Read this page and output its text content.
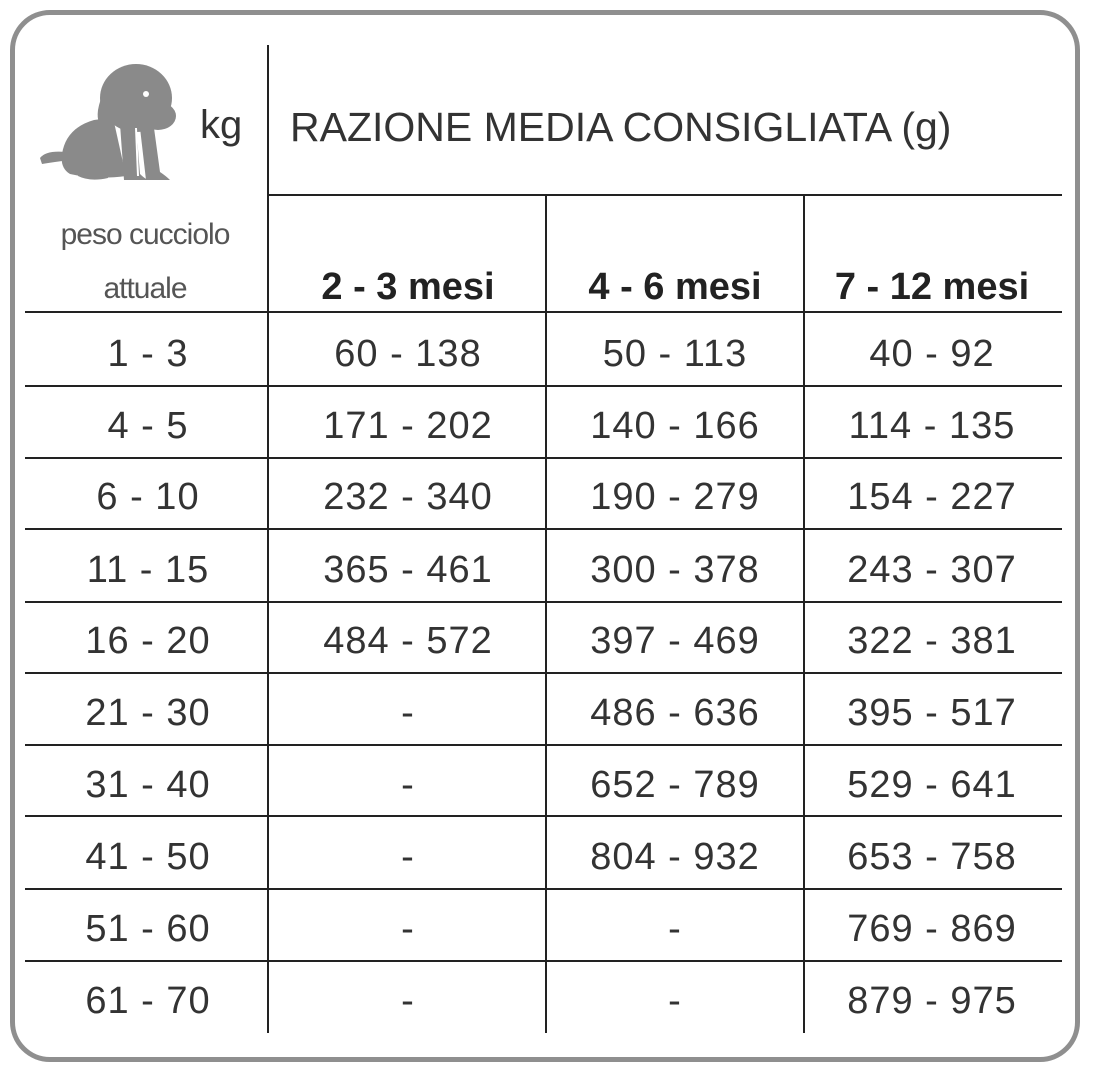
kg	RAZIONE MEDIA CONSIGLIATA (g)
peso cucciolo
attuale	2 - 3 mesi	4 - 6 mesi	7 - 12 mesi
1 - 3	60 - 138	50 - 113	40 - 92
4 - 5	171 - 202	140 - 166	114 - 135
6 - 10	232 - 340	190 - 279	154 - 227
11 - 15	365 - 461	300 - 378	243 - 307
16 - 20	484 - 572	397 - 469	322 - 381
21 - 30	-	486 - 636	395 - 517
31 - 40	-	652 - 789	529 - 641
41 - 50	-	804 - 932	653 - 758
51 - 60	-	-	769 - 869
61 - 70	-	-	879 - 975
